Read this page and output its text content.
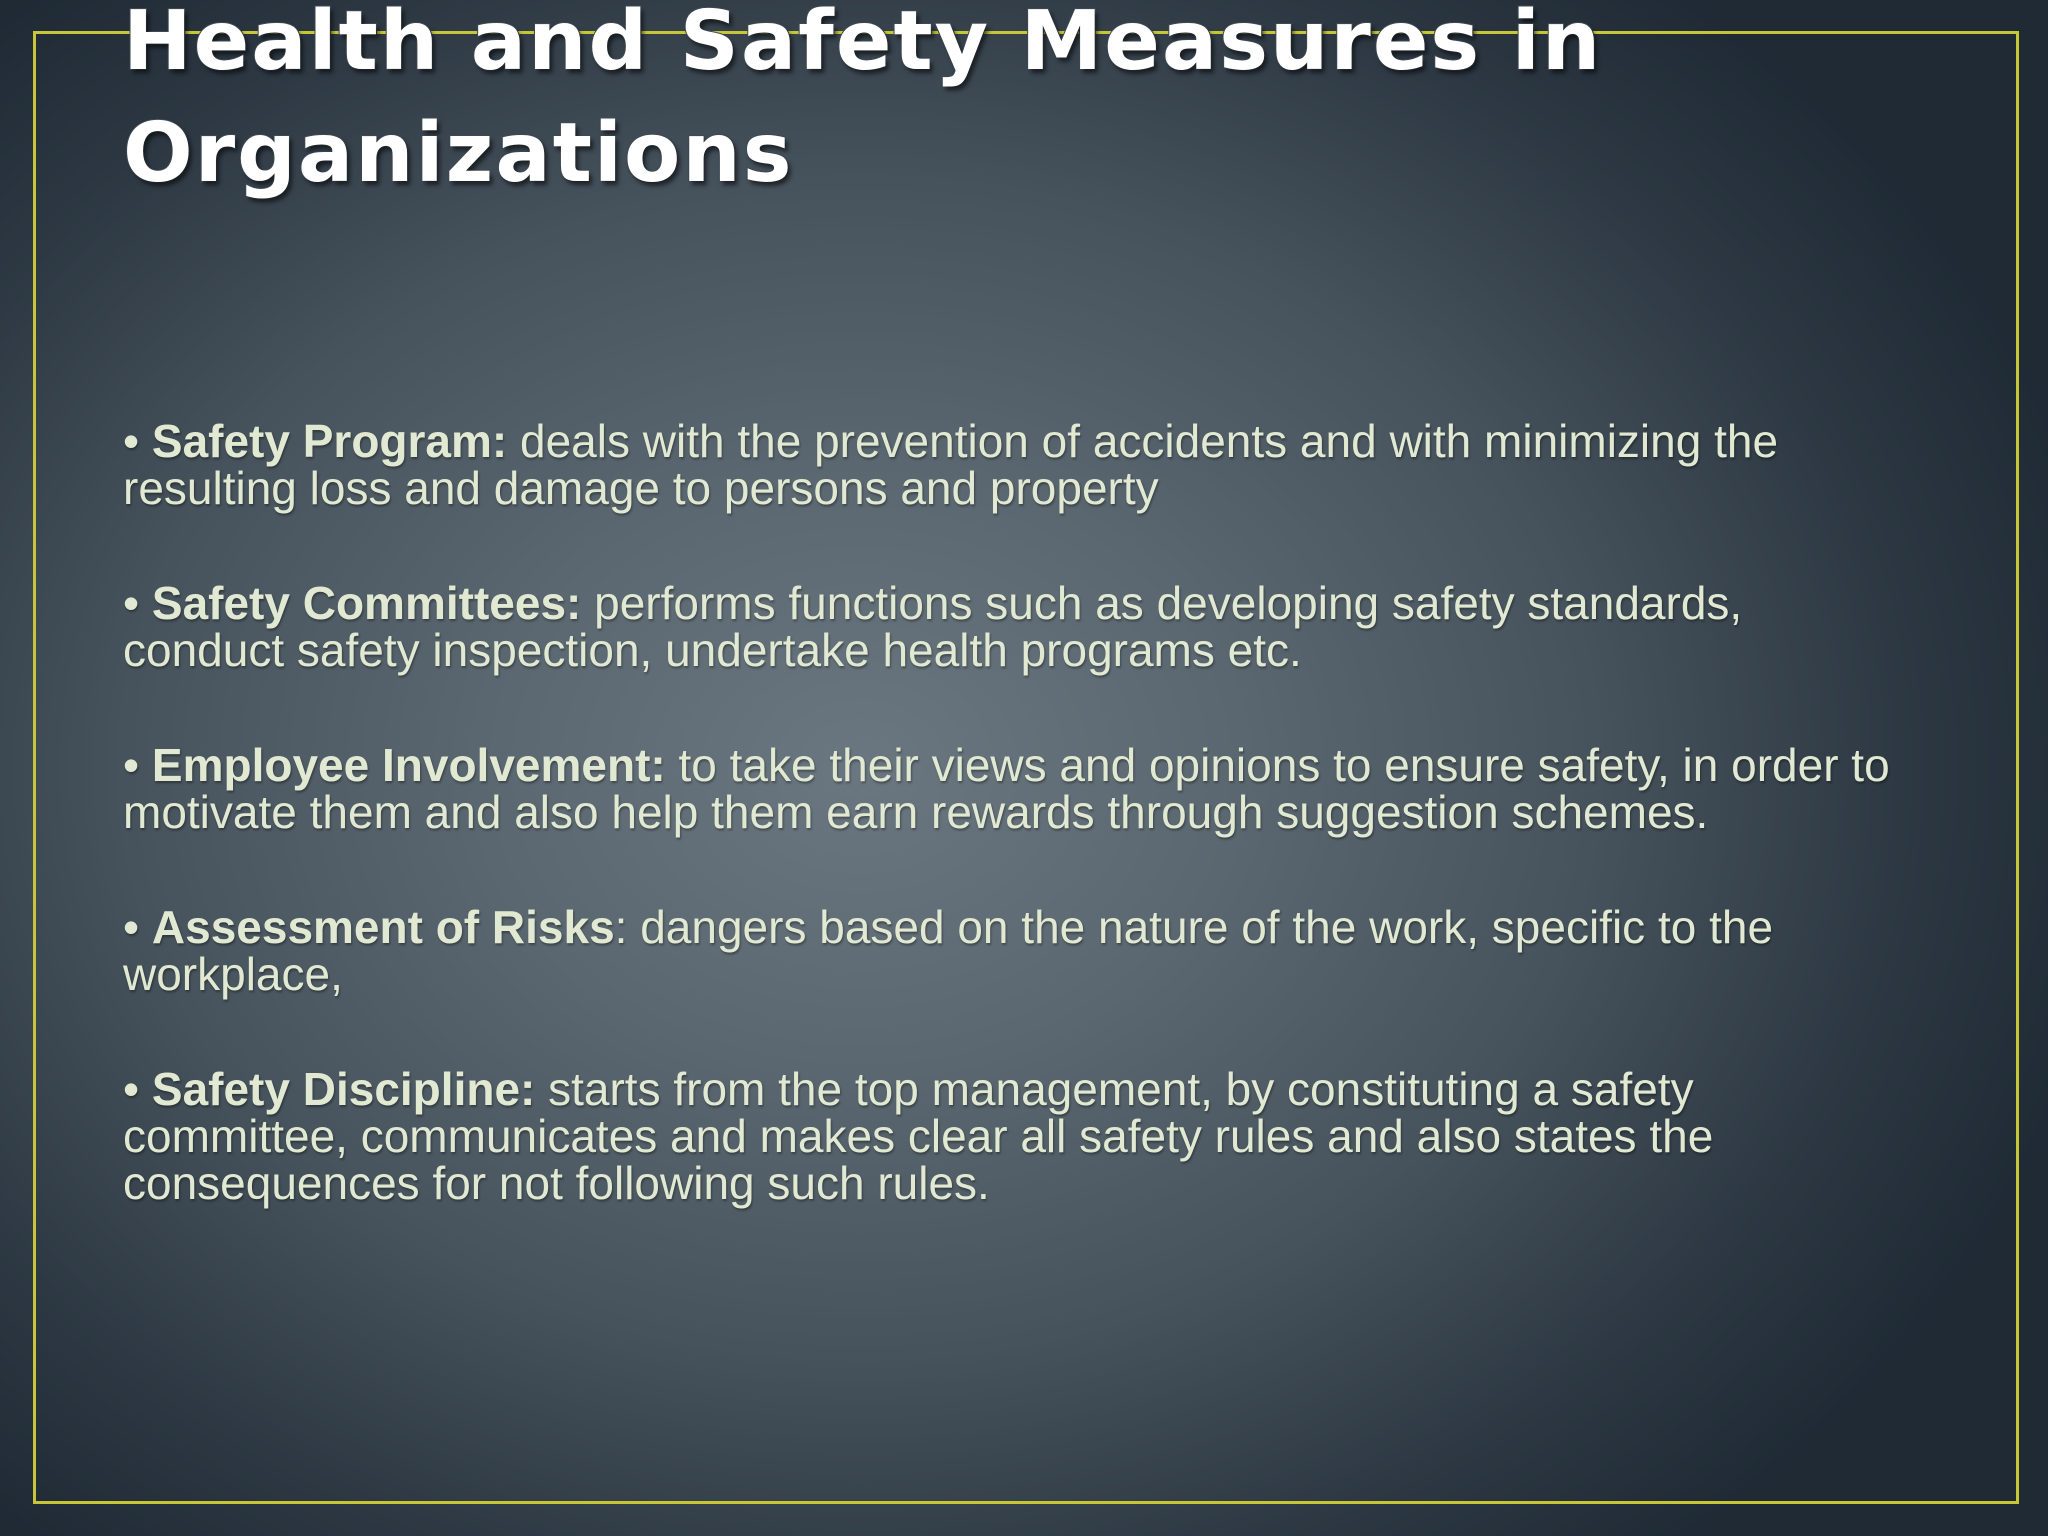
Health and Safety Measures in Organizations

• Safety Program: deals with the prevention of accidents and with minimizing the resulting loss and damage to persons and property

• Safety Committees: performs functions such as developing safety standards, conduct safety inspection, undertake health programs etc.

• Employee Involvement: to take their views and opinions to ensure safety, in order to motivate them and also help them earn rewards through suggestion schemes.

• Assessment of Risks: dangers based on the nature of the work, specific to the workplace,

• Safety Discipline: starts from the top management, by constituting a safety committee, communicates and makes clear all safety rules and also states the consequences for not following such rules.
